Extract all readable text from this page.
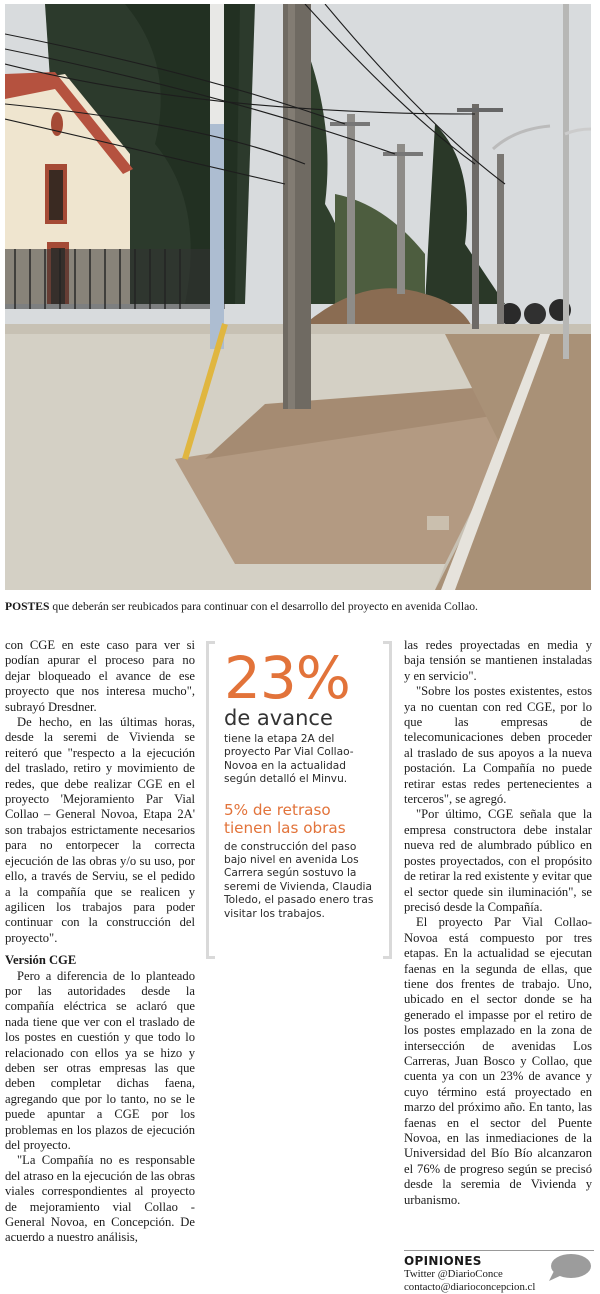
POSTES que deberán ser reubicados para continuar con el desarrollo del proyecto en avenida Collao.

con CGE en este caso para ver si podían apurar el proceso para no dejar bloqueado el avance de ese proyecto que nos interesa mucho", subrayó Dresdner.

De hecho, en las últimas horas, desde la seremi de Vivienda se reiteró que "respecto a la ejecución del traslado, retiro y movimiento de redes, que debe realizar CGE en el proyecto 'Mejoramiento Par Vial Collao – General Novoa, Etapa 2A' son trabajos estrictamente necesarios para no entorpecer la correcta ejecución de las obras y/o su uso, por ello, a través de Serviu, se el pedido a la compañía que se realicen y agilicen los trabajos para poder continuar con la construcción del proyecto".

Versión CGE

Pero a diferencia de lo planteado por las autoridades desde la compañía eléctrica se aclaró que nada tiene que ver con el traslado de los postes en cuestión y que todo lo relacionado con ellos ya se hizo y deben ser otras empresas las que deben completar dichas faena, agregando que por lo tanto, no se le puede apuntar a CGE por los problemas en los plazos de ejecución del proyecto.

"La Compañía no es responsable del atraso en la ejecución de las obras viales correspondientes al proyecto de mejoramiento vial Collao - General Novoa, en Concepción. De acuerdo a nuestro análisis,

23%
de avance
tiene la etapa 2A del proyecto Par Vial Collao-Novoa en la actualidad según detalló el Minvu.
5% de retraso tienen las obras
de construcción del paso bajo nivel en avenida Los Carrera según sostuvo la seremi de Vivienda, Claudia Toledo, el pasado enero tras visitar los trabajos.

las redes proyectadas en media y baja tensión se mantienen instaladas y en servicio".

"Sobre los postes existentes, estos ya no cuentan con red CGE, por lo que las empresas de telecomunicaciones deben proceder al traslado de sus apoyos a la nueva postación. La Compañía no puede retirar estas redes pertenecientes a terceros", se agregó.

"Por último, CGE señala que la empresa constructora debe instalar nueva red de alumbrado público en postes proyectados, con el propósito de retirar la red existente y evitar que el sector quede sin iluminación", se precisó desde la Compañía.

El proyecto Par Vial Collao-Novoa está compuesto por tres etapas. En la actualidad se ejecutan faenas en la segunda de ellas, que tiene dos frentes de trabajo. Uno, ubicado en el sector donde se ha generado el impasse por el retiro de los postes emplazado en la zona de intersección de avenidas Los Carreras, Juan Bosco y Collao, que cuenta ya con un 23% de avance y cuyo término está proyectado en marzo del próximo año. En tanto, las faenas en el sector del Puente Novoa, en las inmediaciones de la Universidad del Bío Bío alcanzaron el 76% de progreso según se precisó desde la seremia de Vivienda y urbanismo.

OPINIONES
Twitter @DiarioConce
contacto@diarioconcepcion.cl
